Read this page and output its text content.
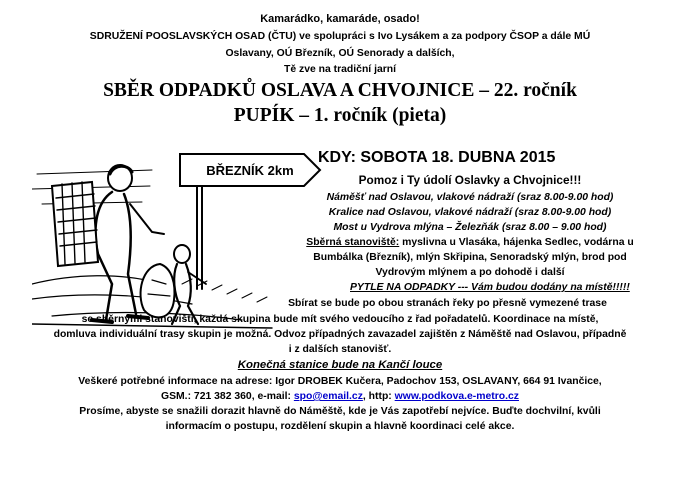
Kamarádko, kamaráde, osado!
SDRUŽENÍ POOSLAVSKÝCH OSAD (ČTU) ve spolupráci s Ivo Lysákem a za podpory ČSOP a dále MÚ
Oslavany, OÚ Březník, OÚ Senorady a dalších,
Tě zve na tradiční jarní
SBĚR ODPADKŮ OSLAVA A CHVOJNICE – 22. ročník
PUPÍK – 1. ročník (pieta)
BŘEZNÍK 2km
KDY: SOBOTA 18. DUBNA 2015
Pomoz i Ty údolí Oslavky a Chvojnice!!!
Náměšť nad Oslavou, vlakové nádraží (sraz 8.00-9.00 hod)
Kralice nad Oslavou, vlakové nádraží (sraz 8.00-9.00 hod)
Most u Vydrova mlýna – Železňák (sraz 8.00 – 9.00 hod)
Sběrná stanoviště: myslivna u Vlasáka, hájenka Sedlec, vodárna u
Bumbálka (Březník), mlýn Skřipina, Senoradský mlýn, brod pod
Vydrovým mlýnem a po dohodě i další
PYTLE NA ODPADKY --- Vám budou dodány na místě!!!!!
Sbírat se bude po obou stranách řeky po přesně vymezené trase
se sběrnými stanovišti, každá skupina bude mít svého vedoucího z řad pořadatelů. Koordinace na místě,
domluva individuální trasy skupin je možná. Odvoz případných zavazadel zajištěn z Náměště nad Oslavou, případně
i z dalších stanovišť.
Konečná stanice bude na Kančí louce
Veškeré potřebné informace na adrese: Igor DROBEK Kučera, Padochov 153, OSLAVANY, 664 91 Ivančice,
GSM.: 721 382 360, e-mail: spo@email.cz, http: www.podkova.e-metro.cz
Prosíme, abyste se snažili dorazit hlavně do Náměště, kde je Vás zapotřebí nejvíce. Buďte dochvilní, kvůli
informacím o postupu, rozdělení skupin a hlavně koordinaci celé akce.
